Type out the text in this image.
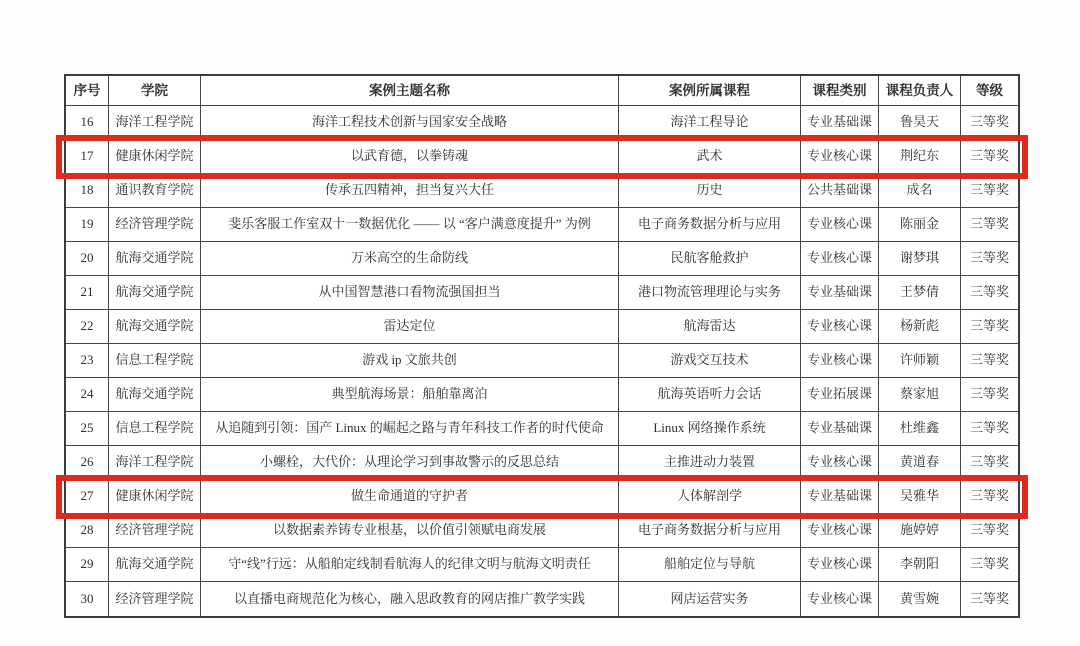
序号	学院	案例主题名称	案例所属课程	课程类别	课程负责人	等级
16	海洋工程学院	海洋工程技术创新与国家安全战略	海洋工程导论	专业基础课	鲁昊天	三等奖
17	健康休闲学院	以武育德，以拳铸魂	武术	专业核心课	荆纪东	三等奖
18	通识教育学院	传承五四精神，担当复兴大任	历史	公共基础课	成名	三等奖
19	经济管理学院	斐乐客服工作室双十一数据优化 —— 以 “客户满意度提升” 为例	电子商务数据分析与应用	专业核心课	陈丽金	三等奖
20	航海交通学院	万米高空的生命防线	民航客舱救护	专业核心课	谢梦琪	三等奖
21	航海交通学院	从中国智慧港口看物流强国担当	港口物流管理理论与实务	专业基础课	王梦倩	三等奖
22	航海交通学院	雷达定位	航海雷达	专业核心课	杨新彪	三等奖
23	信息工程学院	游戏 ip 文旅共创	游戏交互技术	专业核心课	许师颖	三等奖
24	航海交通学院	典型航海场景：船舶靠离泊	航海英语听力会话	专业拓展课	蔡家旭	三等奖
25	信息工程学院	从追随到引领：国产 Linux 的崛起之路与青年科技工作者的时代使命	Linux 网络操作系统	专业基础课	杜维鑫	三等奖
26	海洋工程学院	小螺栓，大代价：从理论学习到事故警示的反思总结	主推进动力装置	专业核心课	黄道春	三等奖
27	健康休闲学院	做生命通道的守护者	人体解剖学	专业基础课	吴雅华	三等奖
28	经济管理学院	以数据素养铸专业根基，以价值引领赋电商发展	电子商务数据分析与应用	专业核心课	施婷婷	三等奖
29	航海交通学院	守“线”行远：从船舶定线制看航海人的纪律文明与航海文明责任	船舶定位与导航	专业核心课	李朝阳	三等奖
30	经济管理学院	以直播电商规范化为核心，融入思政教育的网店推广教学实践	网店运营实务	专业核心课	黄雪婉	三等奖
